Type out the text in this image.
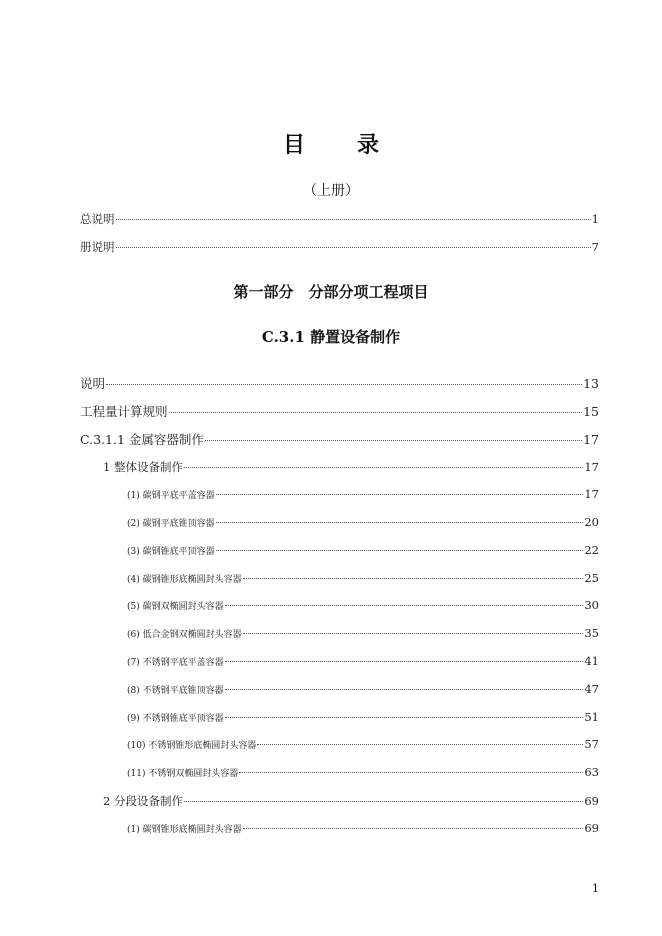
目 录
（上册）
总说明	1
册说明	7
第一部分　分部分项工程项目
C.3.1 静置设备制作
说明	13
工程量计算规则	15
C.3.1.1 金属容器制作	17
1 整体设备制作	17
(1) 碳钢平底平盖容器	17
(2) 碳钢平底锥顶容器	20
(3) 碳钢锥底平顶容器	22
(4) 碳钢锥形底椭圆封头容器	25
(5) 碳钢双椭圆封头容器	30
(6) 低合金钢双椭圆封头容器	35
(7) 不锈钢平底平盖容器	41
(8) 不锈钢平底锥顶容器	47
(9) 不锈钢锥底平顶容器	51
(10) 不锈钢锥形底椭圆封头容器	57
(11) 不锈钢双椭圆封头容器	63
2 分段设备制作	69
(1) 碳钢锥形底椭圆封头容器	69
1
